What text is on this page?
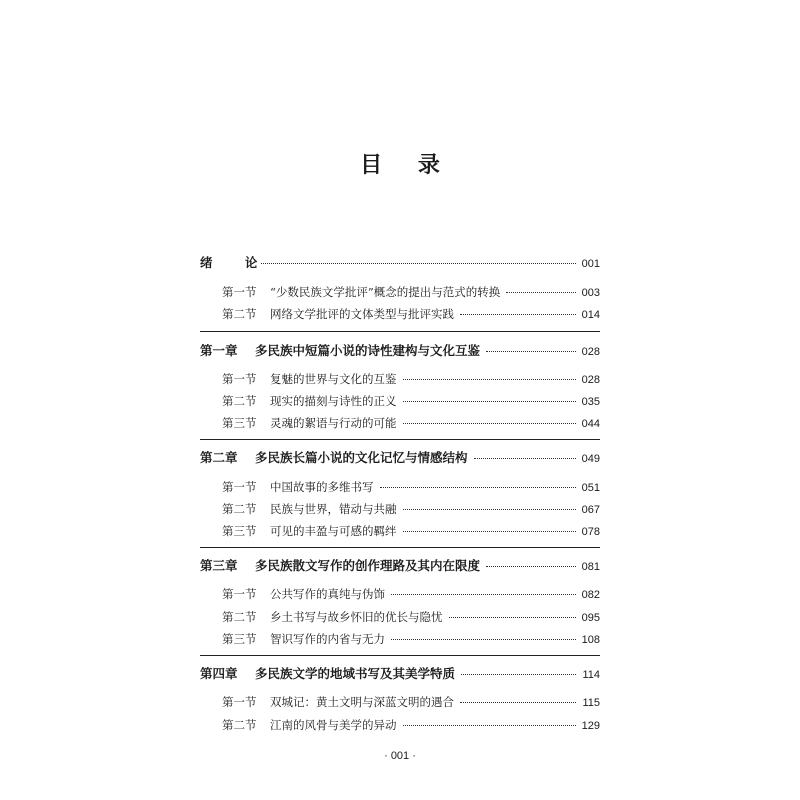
目 录
绪 论	001
第一节	“少数民族文学批评”概念的提出与范式的转换	003
第二节	网络文学批评的文体类型与批评实践	014
第一章	多民族中短篇小说的诗性建构与文化互鉴	028
第一节	复魅的世界与文化的互鉴	028
第二节	现实的描刻与诗性的正义	035
第三节	灵魂的絮语与行动的可能	044
第二章	多民族长篇小说的文化记忆与情感结构	049
第一节	中国故事的多维书写	051
第二节	民族与世界，错动与共融	067
第三节	可见的丰盈与可感的羁绊	078
第三章	多民族散文写作的创作理路及其内在限度	081
第一节	公共写作的真纯与伪饰	082
第二节	乡土书写与故乡怀旧的优长与隐忧	095
第三节	智识写作的内省与无力	108
第四章	多民族文学的地域书写及其美学特质	114
第一节	双城记：黄土文明与深蓝文明的遇合	115
第二节	江南的风骨与美学的异动	129
· 001 ·
